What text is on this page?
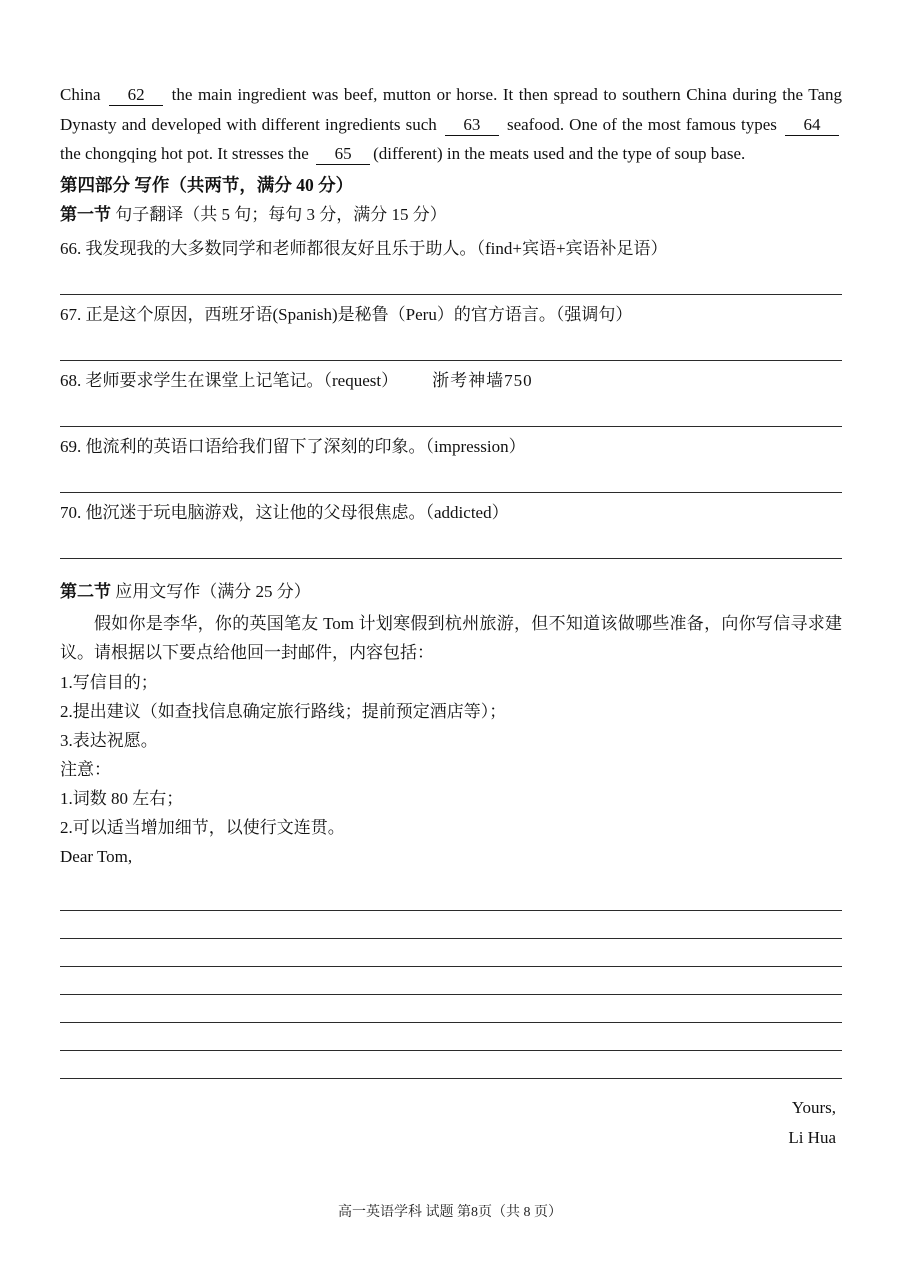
China 62 the main ingredient was beef, mutton or horse. It then spread to southern China during the Tang Dynasty and developed with different ingredients such 63 seafood. One of the most famous types 64 the chongqing hot pot. It stresses the 65 (different) in the meats used and the type of soup base.

第四部分 写作（共两节，满分 40 分）

第一节 句子翻译（共 5 句；每句 3 分，满分 15 分）

66. 我发现我的大多数同学和老师都很友好且乐于助人。（find+宾语+宾语补足语）

67. 正是这个原因，西班牙语(Spanish)是秘鲁（Peru）的官方语言。（强调句）

68. 老师要求学生在课堂上记笔记。（request） 浙考神墙750

69. 他流利的英语口语给我们留下了深刻的印象。（impression）

70. 他沉迷于玩电脑游戏，这让他的父母很焦虑。（addicted）

第二节 应用文写作（满分 25 分）

假如你是李华，你的英国笔友 Tom 计划寒假到杭州旅游，但不知道该做哪些准备，向你写信寻求建议。请根据以下要点给他回一封邮件，内容包括：

1.写信目的；

2.提出建议（如查找信息确定旅行路线；提前预定酒店等）；

3.表达祝愿。

注意：

1.词数 80 左右；

2.可以适当增加细节，以使行文连贯。

Dear Tom,

Yours,
Li Hua
高一英语学科 试题 第8页（共 8 页）
